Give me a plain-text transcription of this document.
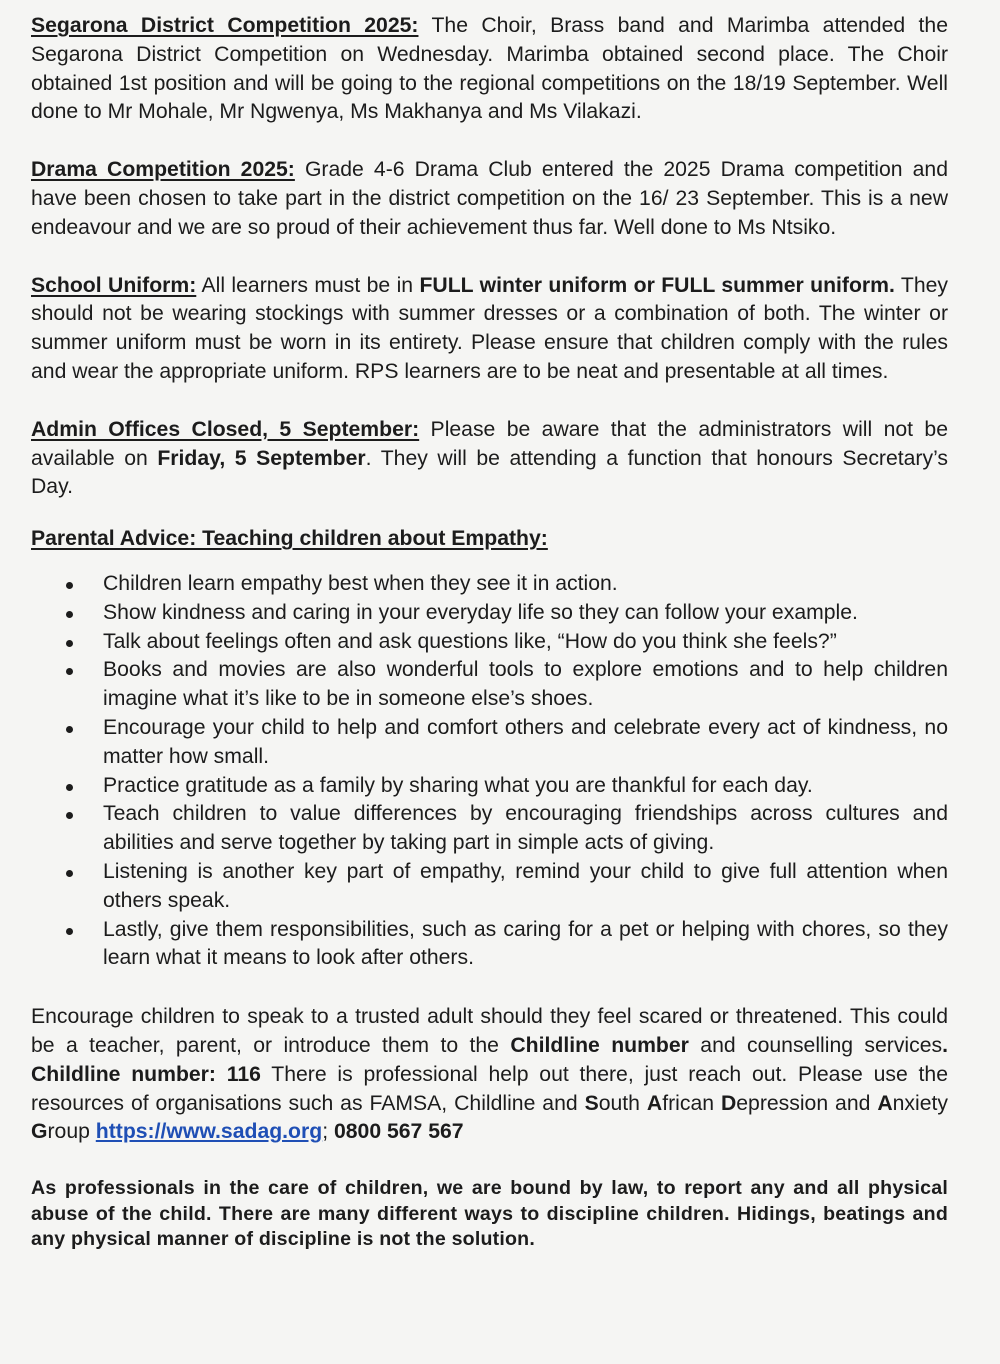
Segarona District Competition 2025: The Choir, Brass band and Marimba attended the Segarona District Competition on Wednesday. Marimba obtained second place. The Choir obtained 1st position and will be going to the regional competitions on the 18/19 September. Well done to Mr Mohale, Mr Ngwenya, Ms Makhanya and Ms Vilakazi.

Drama Competition 2025: Grade 4-6 Drama Club entered the 2025 Drama competition and have been chosen to take part in the district competition on the 16/ 23 September. This is a new endeavour and we are so proud of their achievement thus far. Well done to Ms Ntsiko.

School Uniform: All learners must be in FULL winter uniform or FULL summer uniform. They should not be wearing stockings with summer dresses or a combination of both. The winter or summer uniform must be worn in its entirety. Please ensure that children comply with the rules and wear the appropriate uniform. RPS learners are to be neat and presentable at all times.

Admin Offices Closed, 5 September: Please be aware that the administrators will not be available on Friday, 5 September. They will be attending a function that honours Secretary’s Day.

Parental Advice: Teaching children about Empathy:
Children learn empathy best when they see it in action.
Show kindness and caring in your everyday life so they can follow your example.
Talk about feelings often and ask questions like, “How do you think she feels?”
Books and movies are also wonderful tools to explore emotions and to help children imagine what it’s like to be in someone else’s shoes.
Encourage your child to help and comfort others and celebrate every act of kindness, no matter how small.
Practice gratitude as a family by sharing what you are thankful for each day.
Teach children to value differences by encouraging friendships across cultures and abilities and serve together by taking part in simple acts of giving.
Listening is another key part of empathy, remind your child to give full attention when others speak.
Lastly, give them responsibilities, such as caring for a pet or helping with chores, so they learn what it means to look after others.

Encourage children to speak to a trusted adult should they feel scared or threatened. This could be a teacher, parent, or introduce them to the Childline number and counselling services. Childline number: 116 There is professional help out there, just reach out. Please use the resources of organisations such as FAMSA, Childline and South African Depression and Anxiety Group https://www.sadag.org; 0800 567 567

As professionals in the care of children, we are bound by law, to report any and all physical abuse of the child. There are many different ways to discipline children. Hidings, beatings and any physical manner of discipline is not the solution.
